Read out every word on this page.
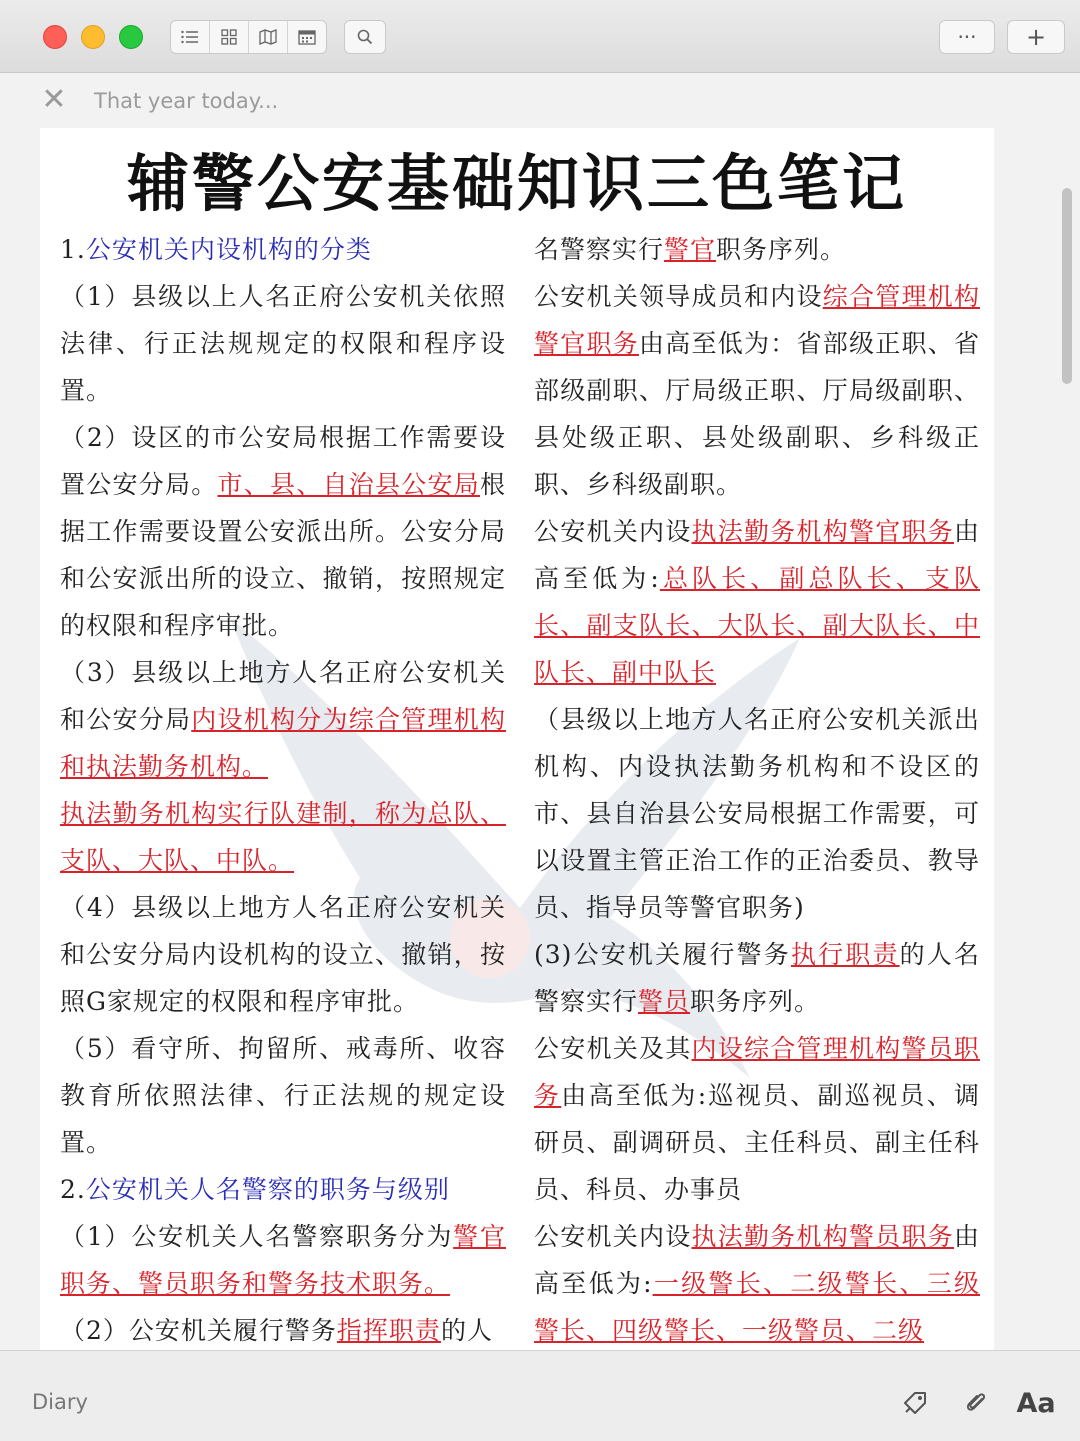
···	+
✕ That year today...
辅警公安基础知识三色笔记

1.公安机关内设机构的分类

（1）县级以上人名正府公安机关依照法律、行正法规规定的权限和程序设置。

（2）设区的市公安局根据工作需要设置公安分局。市、县、自治县公安局根据工作需要设置公安派出所。公安分局和公安派出所的设立、撤销，按照规定的权限和程序审批。

（3）县级以上地方人名正府公安机关和公安分局内设机构分为综合管理机构和执法勤务机构。
执法勤务机构实行队建制，称为总队、支队、大队、中队。

（4）县级以上地方人名正府公安机关和公安分局内设机构的设立、撤销，按照G家规定的权限和程序审批。

（5）看守所、拘留所、戒毒所、收容教育所依照法律、行正法规的规定设置。

2.公安机关人名警察的职务与级别

（1）公安机关人名警察职务分为警官职务、警员职务和警务技术职务。

（2）公安机关履行警务指挥职责的人

名警察实行警官职务序列。

公安机关领导成员和内设综合管理机构警官职务由高至低为：省部级正职、省部级副职、厅局级正职、厅局级副职、县处级正职、县处级副职、乡科级正职、乡科级副职。

公安机关内设执法勤务机构警官职务由高至低为:总队长、副总队长、支队长、副支队长、大队长、副大队长、中队长、副中队长

（县级以上地方人名正府公安机关派出机构、内设执法勤务机构和不设区的市、县自治县公安局根据工作需要，可以设置主管正治工作的正治委员、教导员、指导员等警官职务)

(3)公安机关履行警务执行职责的人名警察实行警员职务序列。

公安机关及其内设综合管理机构警员职务由高至低为:巡视员、副巡视员、调研员、副调研员、主任科员、副主任科员、科员、办事员

公安机关内设执法勤务机构警员职务由高至低为:一级警长、二级警长、三级警长、四级警长、一级警员、二级

Diary	Aa
